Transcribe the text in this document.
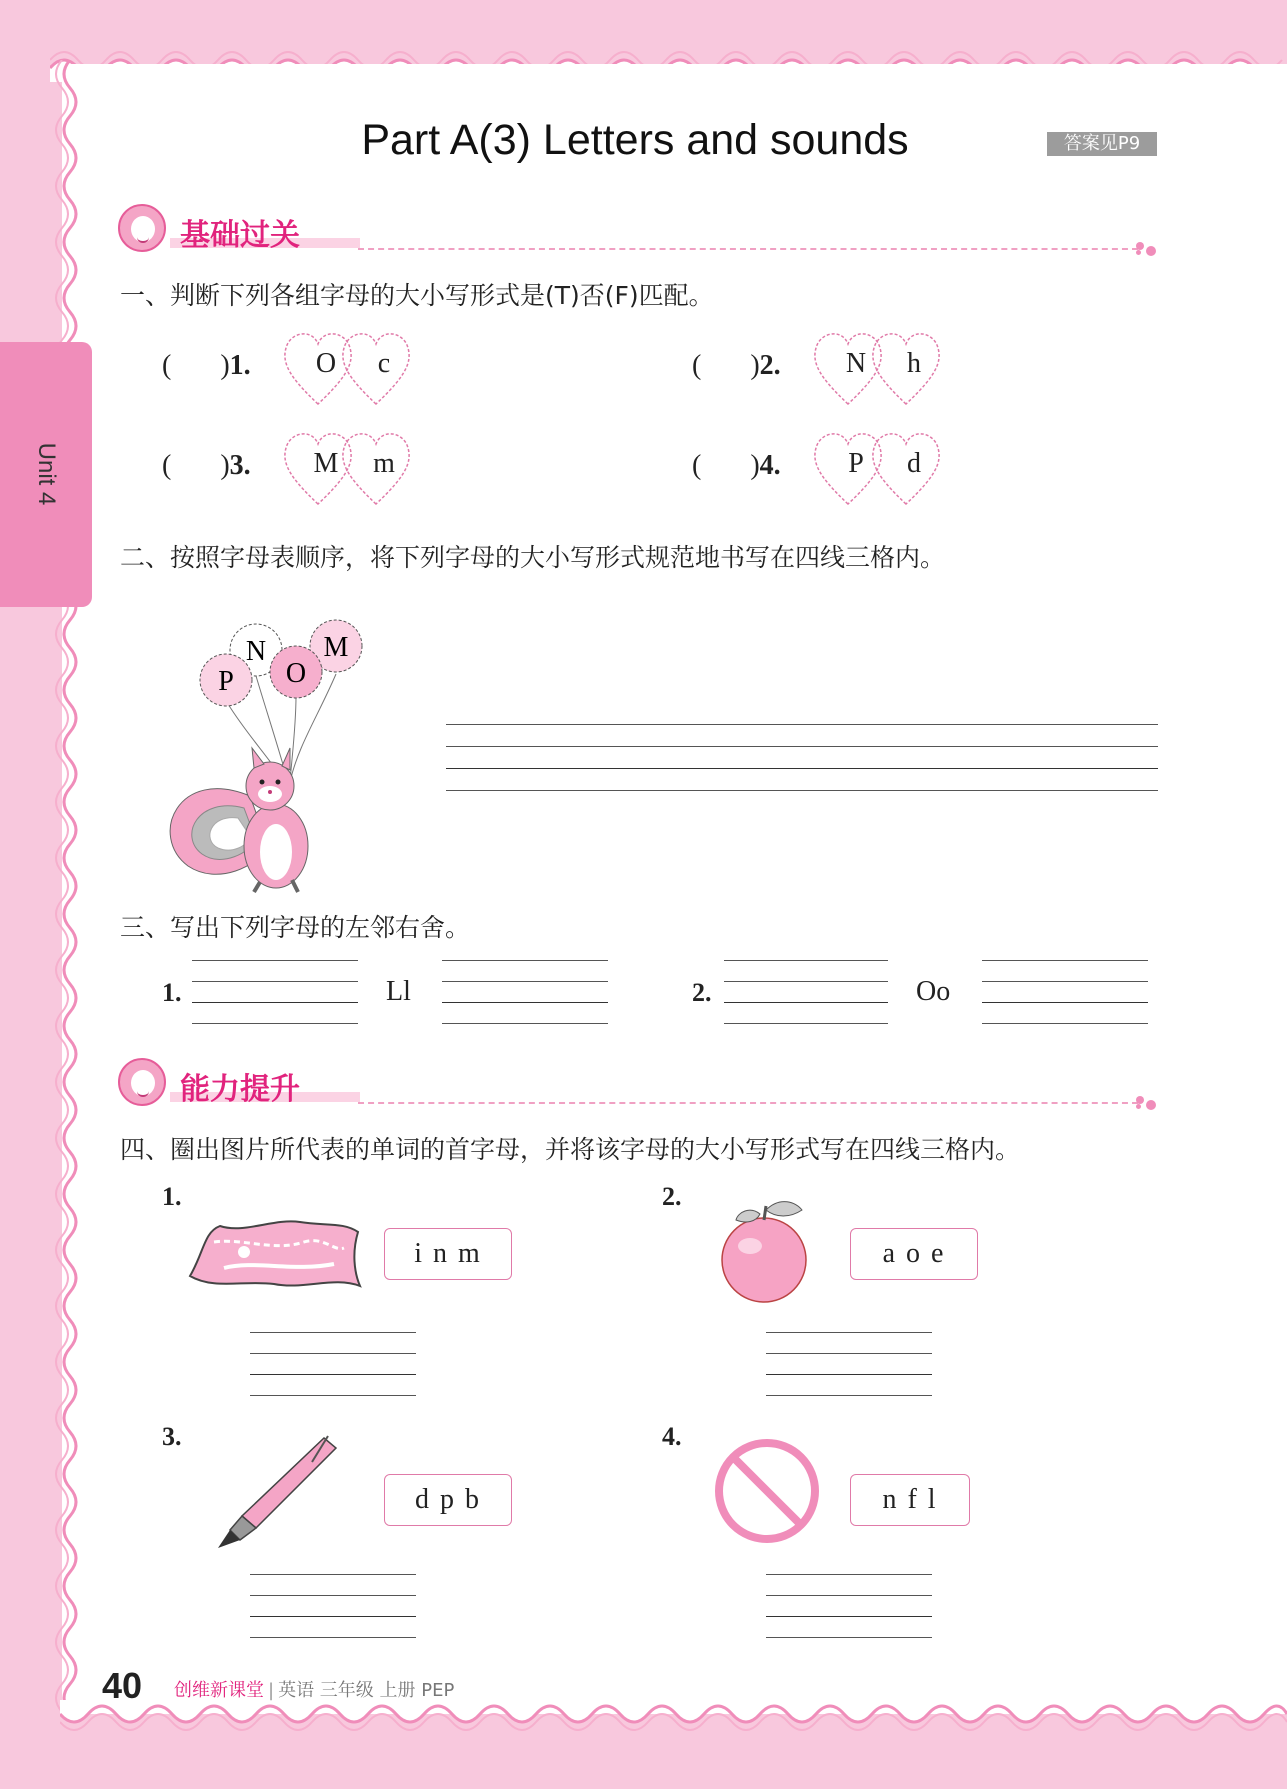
Unit 4
Part A(3) Letters and sounds	答案见P9
基础过关
一、判断下列各组字母的大小写形式是(T)否(F)匹配。
(       )1.	O	c	(       )2.	N	h
(       )3. M	m	(       )4.	P	d
二、按照字母表顺序，将下列字母的大小写形式规范地书写在四线三格内。
N M
P O
三、写出下列字母的左邻右舍。
1.	Ll	2.	Oo
能力提升
四、圈出图片所代表的单词的首字母，并将该字母的大小写形式写在四线三格内。
1.
i n m
2.
a o e
3.
d p b
4.
n f l
40 创维新课堂 | 英语 三年级 上册 PEP
